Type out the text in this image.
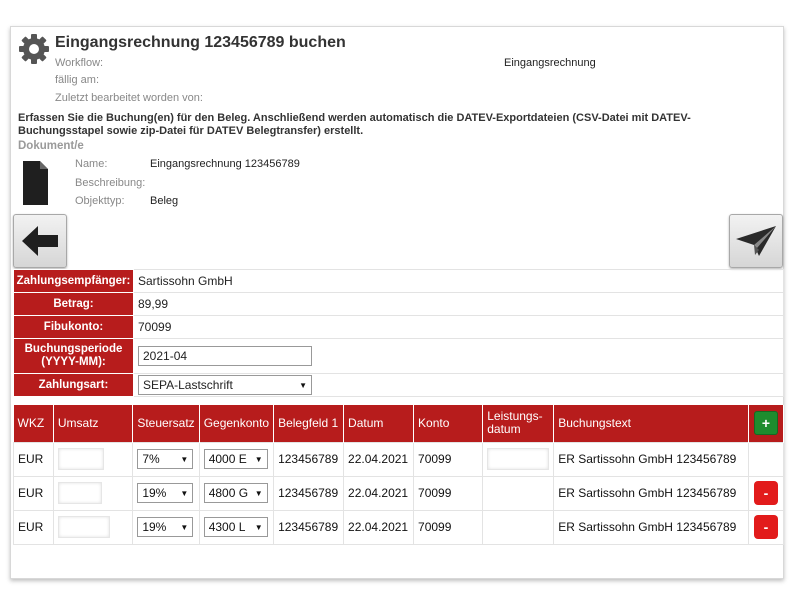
Eingangsrechnung 123456789 buchen
Workflow:	Eingangsrechnung
fällig am:
Zuletzt bearbeitet worden von:
Erfassen Sie die Buchung(en) für den Beleg. Anschließend werden automatisch die DATEV-Exportdateien (CSV-Datei mit DATEV-Buchungsstapel sowie zip-Datei für DATEV Belegtransfer) erstellt.
Dokument/e
Name:	Eingangsrechnung 123456789
Beschreibung:
Objekttyp: Beleg
Zahlungsempfänger:	Sartissohn GmbH
Betrag:	89,99
Fibukonto:	70099
Buchungsperiode (YYYY-MM):	2021-04

Zahlungsart:	SEPA-Lastschrift ▼
WKZ	Umsatz	Steuersatz	Gegenkonto	Belegfeld 1	Datum	Konto	Leistungs-datum	Buchungstext	+

EUR		7% ▼	4000 E ▼	123456789	22.04.2021	70099		ER Sartissohn GmbH 123456789	
EUR		19% ▼	4800 G ▼	123456789	22.04.2021	70099		ER Sartissohn GmbH 123456789	-

EUR		19% ▼	4300 L ▼	123456789	22.04.2021	70099		ER Sartissohn GmbH 123456789	-
